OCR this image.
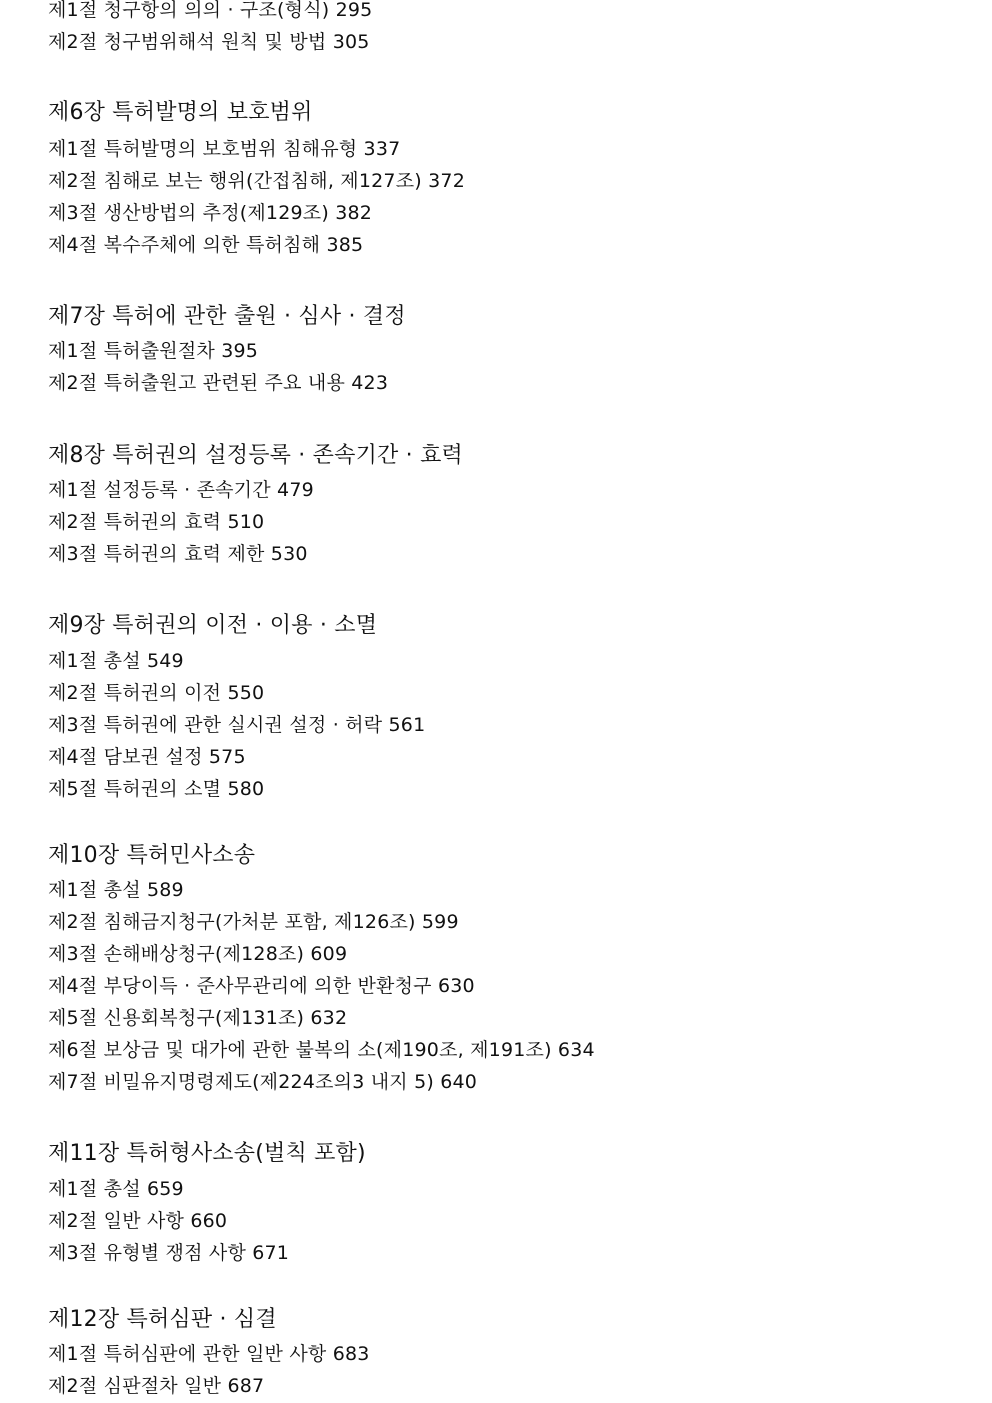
제1절 청구항의 의의 · 구조(형식) 295
제2절 청구범위해석 원칙 및 방법 305
제6장 특허발명의 보호범위
제1절 특허발명의 보호범위 침해유형 337
제2절 침해로 보는 행위(간접침해, 제127조) 372
제3절 생산방법의 추정(제129조) 382
제4절 복수주체에 의한 특허침해 385
제7장 특허에 관한 출원 · 심사 · 결정
제1절 특허출원절차 395
제2절 특허출원고 관련된 주요 내용 423
제8장 특허권의 설정등록 · 존속기간 · 효력
제1절 설정등록 · 존속기간 479
제2절 특허권의 효력 510
제3절 특허권의 효력 제한 530
제9장 특허권의 이전 · 이용 · 소멸
제1절 총설 549
제2절 특허권의 이전 550
제3절 특허권에 관한 실시권 설정 · 허락 561
제4절 담보권 설정 575
제5절 특허권의 소멸 580
제10장 특허민사소송
제1절 총설 589
제2절 침해금지청구(가처분 포함, 제126조) 599
제3절 손해배상청구(제128조) 609
제4절 부당이득 · 준사무관리에 의한 반환청구 630
제5절 신용회복청구(제131조) 632
제6절 보상금 및 대가에 관한 불복의 소(제190조, 제191조) 634
제7절 비밀유지명령제도(제224조의3 내지 5) 640
제11장 특허형사소송(벌칙 포함)
제1절 총설 659
제2절 일반 사항 660
제3절 유형별 쟁점 사항 671
제12장 특허심판 · 심결
제1절 특허심판에 관한 일반 사항 683
제2절 심판절차 일반 687
